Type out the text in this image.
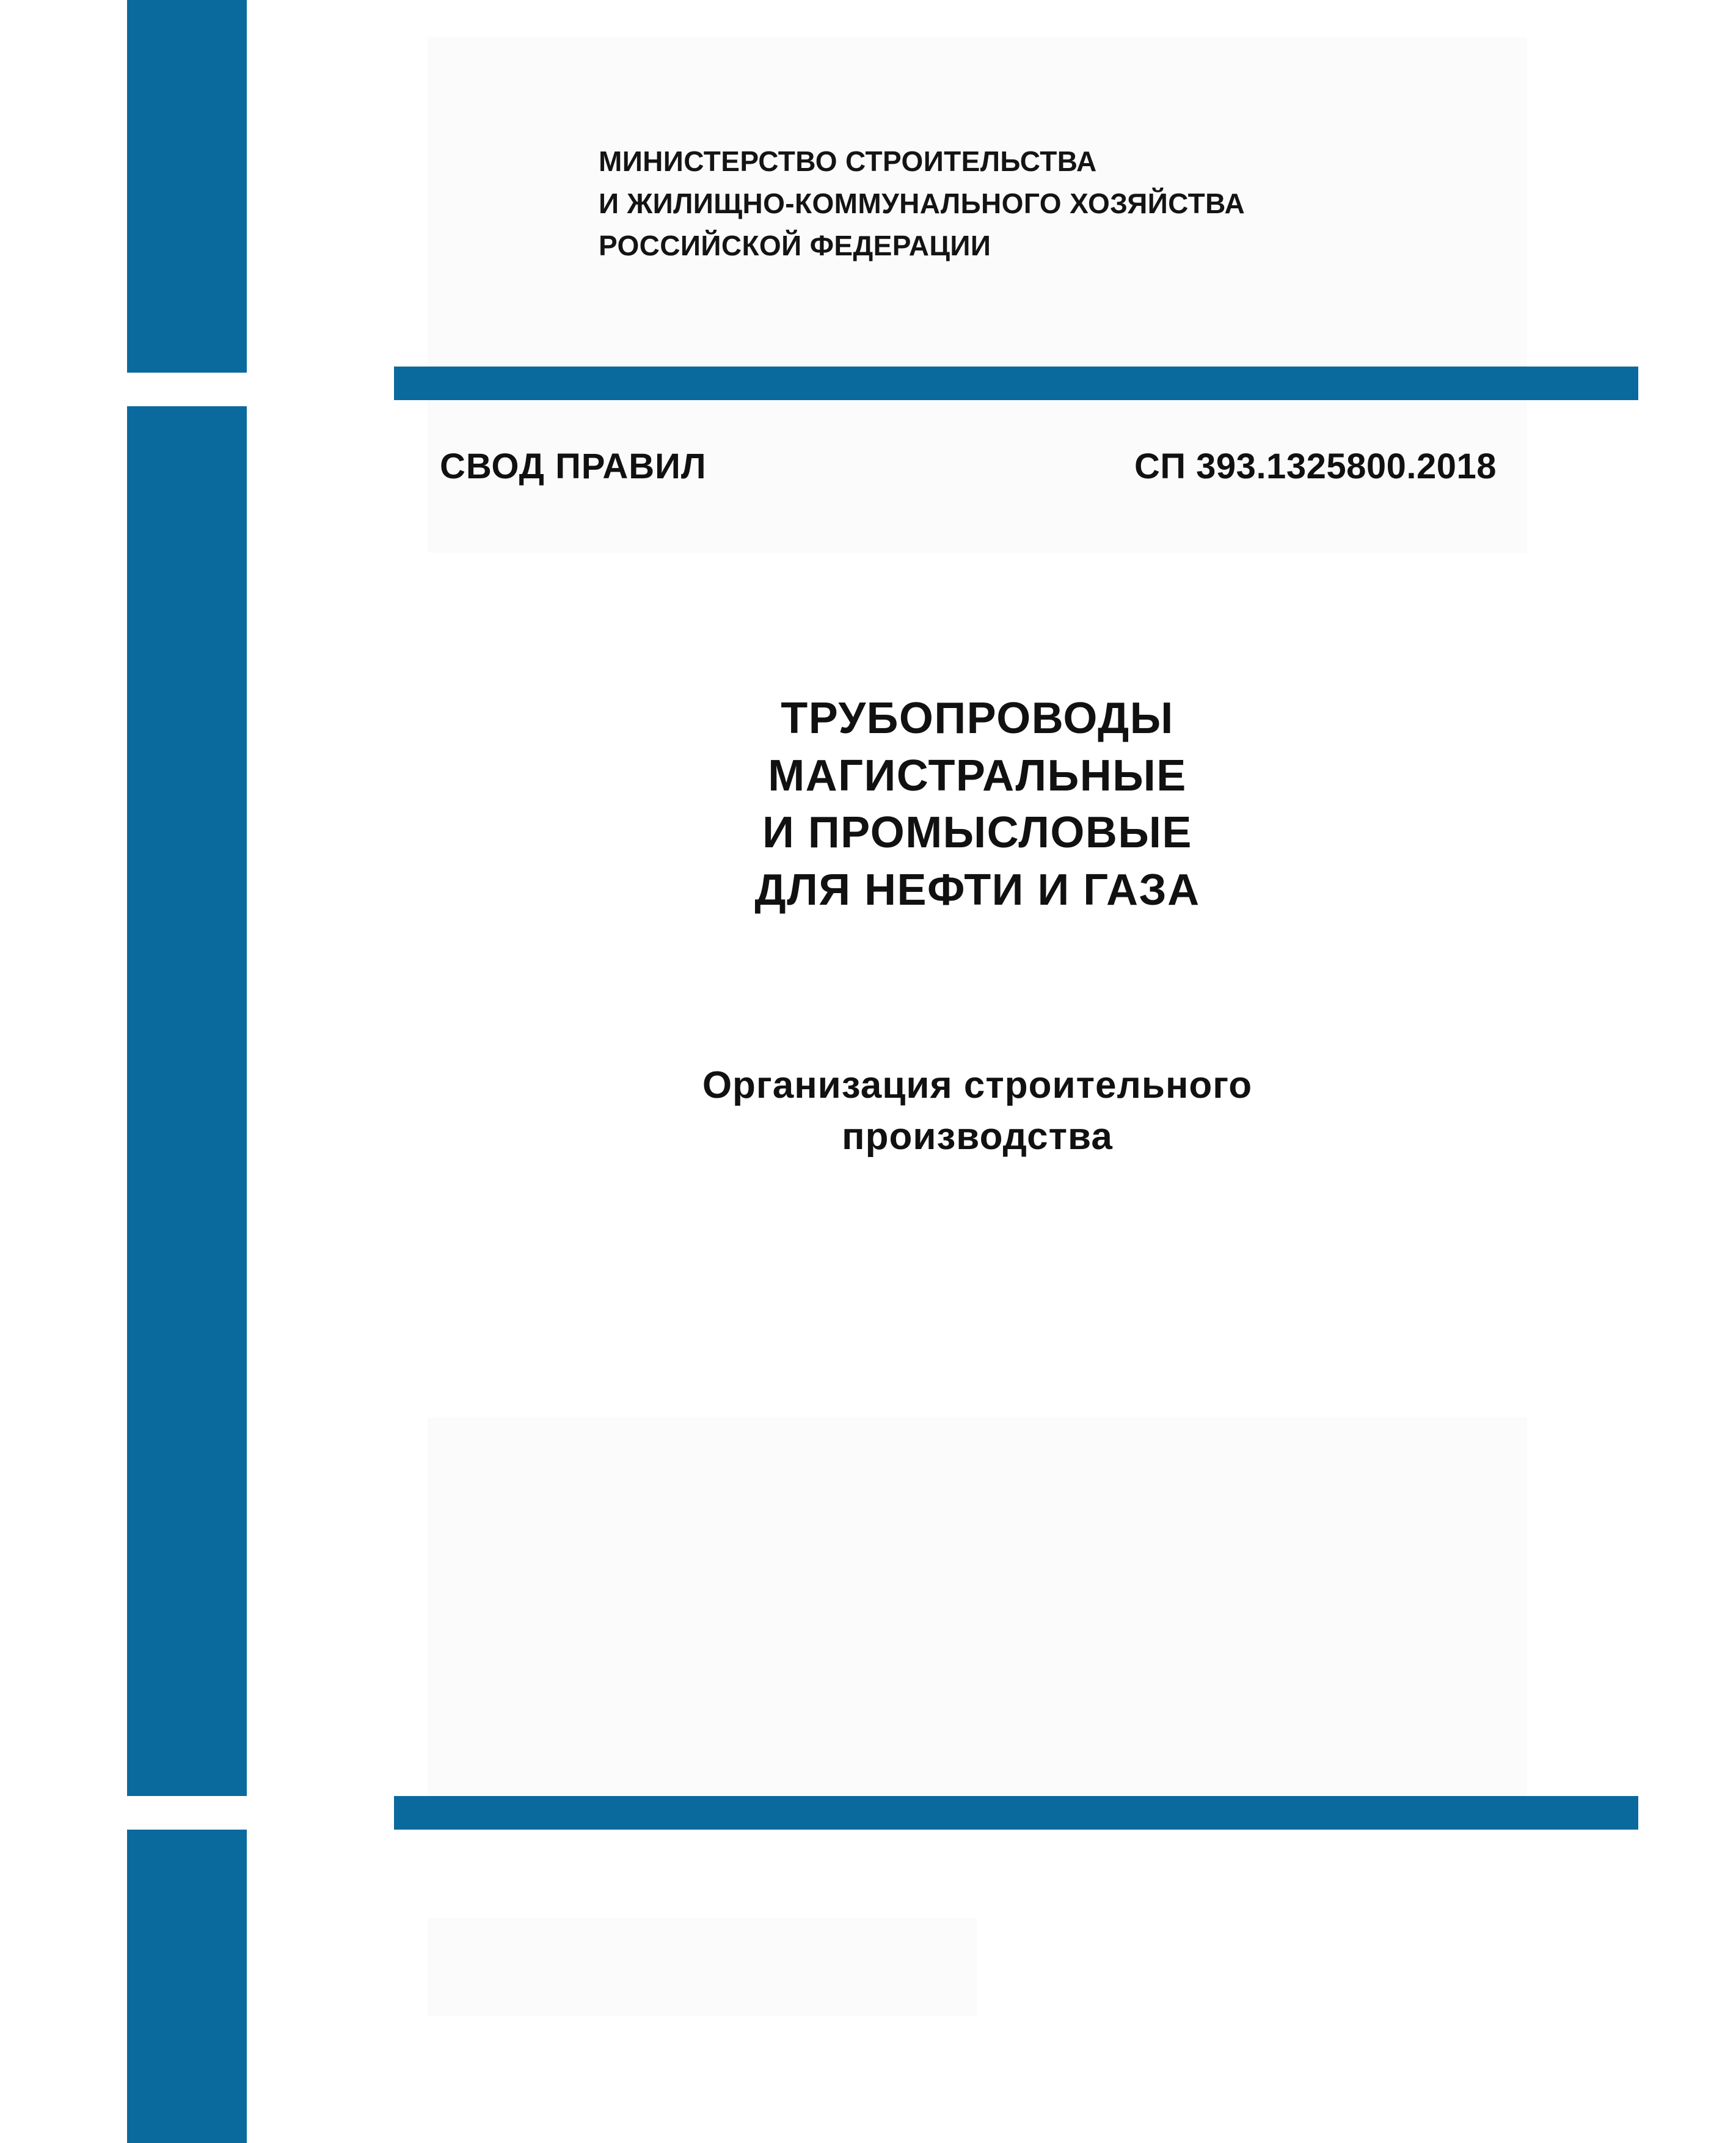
МИНИСТЕРСТВО СТРОИТЕЛЬСТВА
И ЖИЛИЩНО-КОММУНАЛЬНОГО ХОЗЯЙСТВА
РОССИЙСКОЙ ФЕДЕРАЦИИ
СВОД ПРАВИЛ	СП 393.1325800.2018
ТРУБОПРОВОДЫ
МАГИСТРАЛЬНЫЕ
И ПРОМЫСЛОВЫЕ
ДЛЯ НЕФТИ И ГАЗА
Организация строительного
производства
